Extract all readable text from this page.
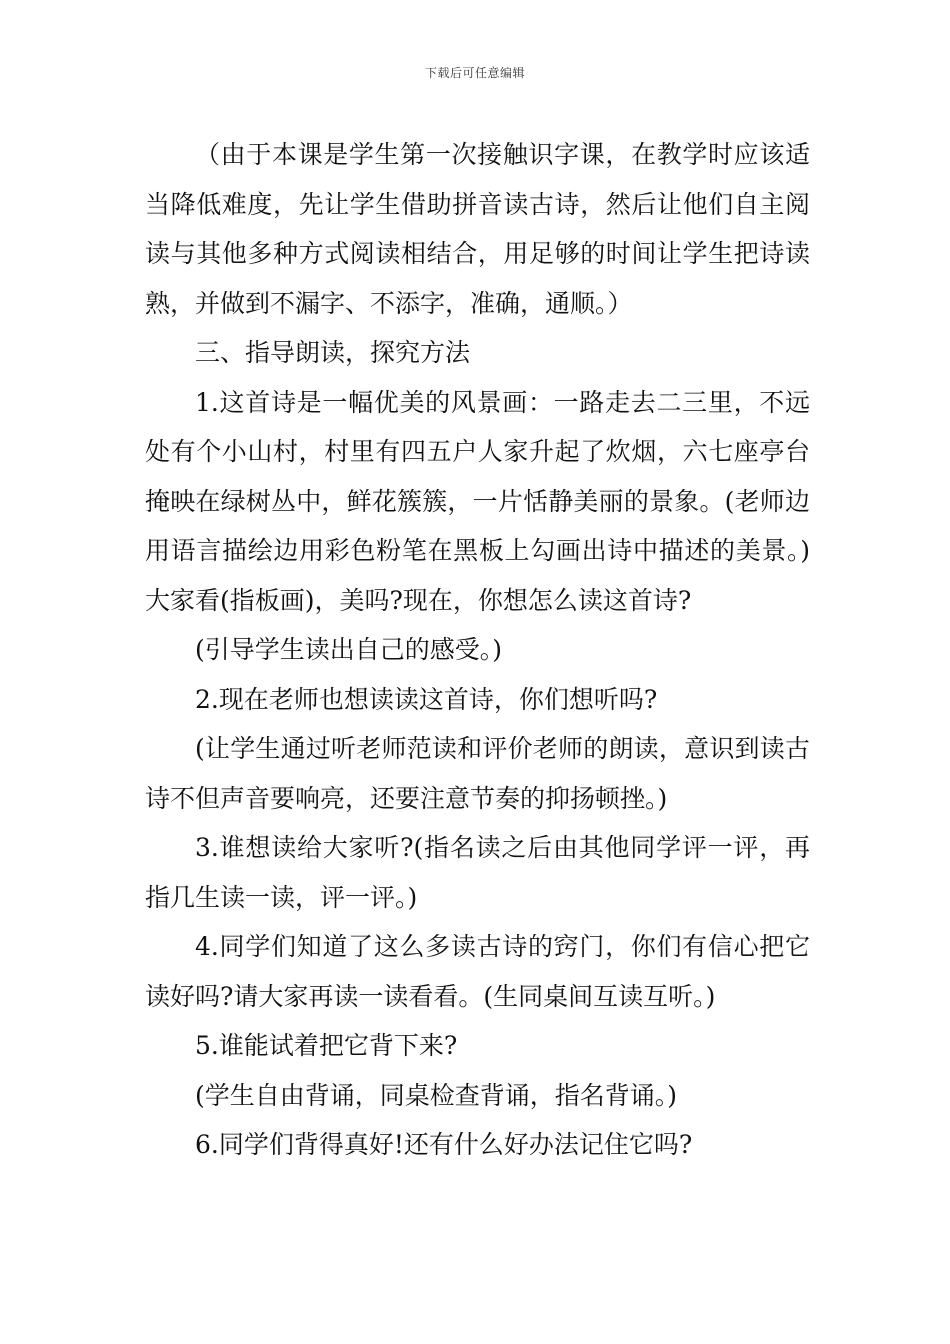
下载后可任意编辑

（由于本课是学生第一次接触识字课，在教学时应该适当降低难度，先让学生借助拼音读古诗，然后让他们自主阅读与其他多种方式阅读相结合，用足够的时间让学生把诗读熟，并做到不漏字、不添字，准确，通顺。）

三、指导朗读，探究方法

1.这首诗是一幅优美的风景画：一路走去二三里，不远处有个小山村，村里有四五户人家升起了炊烟，六七座亭台掩映在绿树丛中，鲜花簇簇，一片恬静美丽的景象。(老师边用语言描绘边用彩色粉笔在黑板上勾画出诗中描述的美景。)大家看(指板画)，美吗?现在，你想怎么读这首诗?

(引导学生读出自己的感受。)

2.现在老师也想读读这首诗，你们想听吗?

(让学生通过听老师范读和评价老师的朗读，意识到读古诗不但声音要响亮，还要注意节奏的抑扬顿挫。)

3.谁想读给大家听?(指名读之后由其他同学评一评，再指几生读一读，评一评。)

4.同学们知道了这么多读古诗的窍门，你们有信心把它读好吗?请大家再读一读看看。(生同桌间互读互听。)

5.谁能试着把它背下来?

(学生自由背诵，同桌检查背诵，指名背诵。)

6.同学们背得真好!还有什么好办法记住它吗?
